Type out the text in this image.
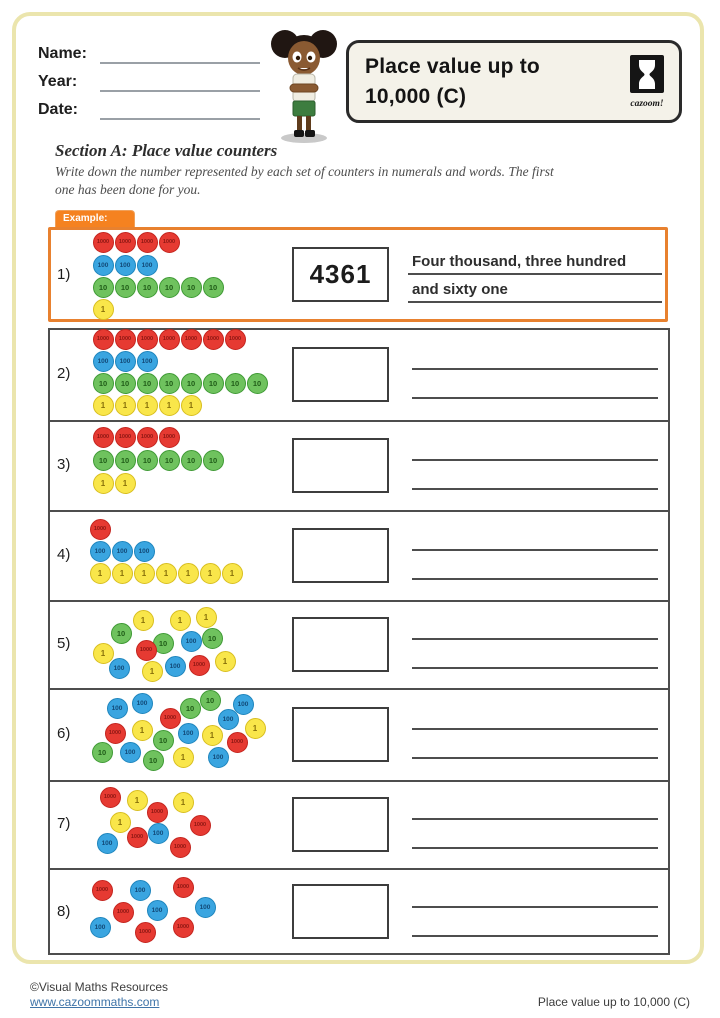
Name:
Year:
Date:
Place value up to
10,000 (C)	cazoom!
Section A: Place value counters
Write down the number represented by each set of counters in numerals and words. The first
one has been done for you.
Example:
1)
1000	1000	1000	1000
100	100	100
10	10	10	10	10	10
1
4361	Four thousand, three hundred
and sixty one
2)
1000	1000	1000	1000	1000	1000	1000
100	100	100
10	10	10	10	10	10	10	10
1	1	1	1	1
3)
1000	1000	1000	1000
10	10	10	10	10	10
1	1
4)
1000
100	100	100
1	1	1	1	1	1	1
5)
1	1	1
10
10	100	10
1	1000
1
100	1
100	1000
6)
100
100
1000
10
10	100
100
1000	1
10
100	1
1000
1
10	100
10	1	100
7)
1000	1
1000
1
1	1000
1000
100
100
1000
8)
1000	100	1000
1000	100	100
100
1000
1000
©Visual Maths Resources
www.cazoommaths.com	Place value up to 10,000 (C)
